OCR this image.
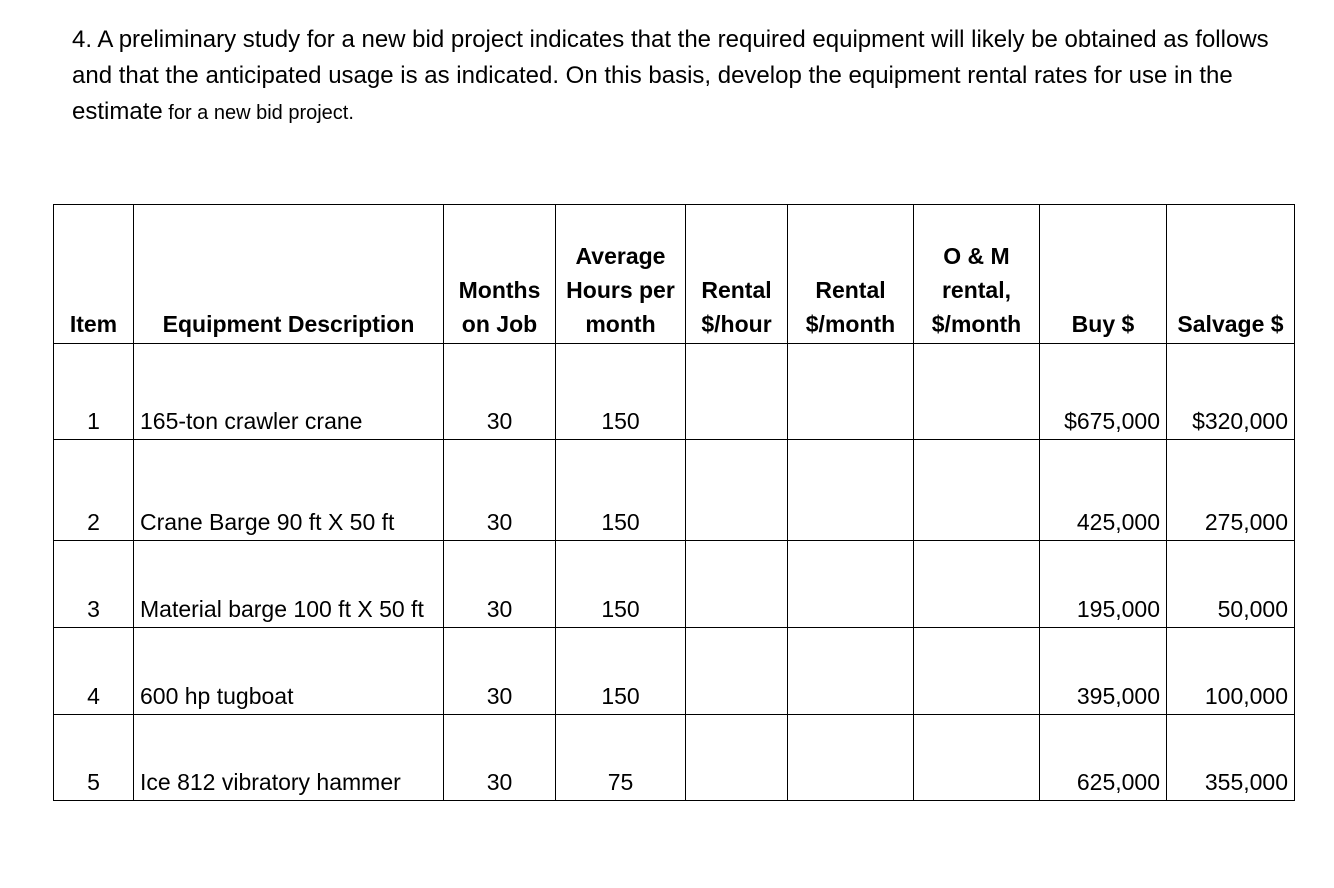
4. A preliminary study for a new bid project indicates that the required equipment will likely be obtained as follows and that the anticipated usage is as indicated. On this basis, develop the equipment rental rates for use in the estimate for a new bid project.
Item	Equipment Description	Months on Job	Average Hours per month	Rental $/hour	Rental $/month	O & M rental, $/month	Buy $	Salvage $
1	165-ton crawler crane	30	150				$675,000	$320,000
2	Crane Barge 90 ft X 50 ft	30	150				425,000	275,000
3	Material barge 100 ft X 50 ft	30	150				195,000	50,000
4	600 hp tugboat	30	150				395,000	100,000
5	Ice 812 vibratory hammer	30	75				625,000	355,000
